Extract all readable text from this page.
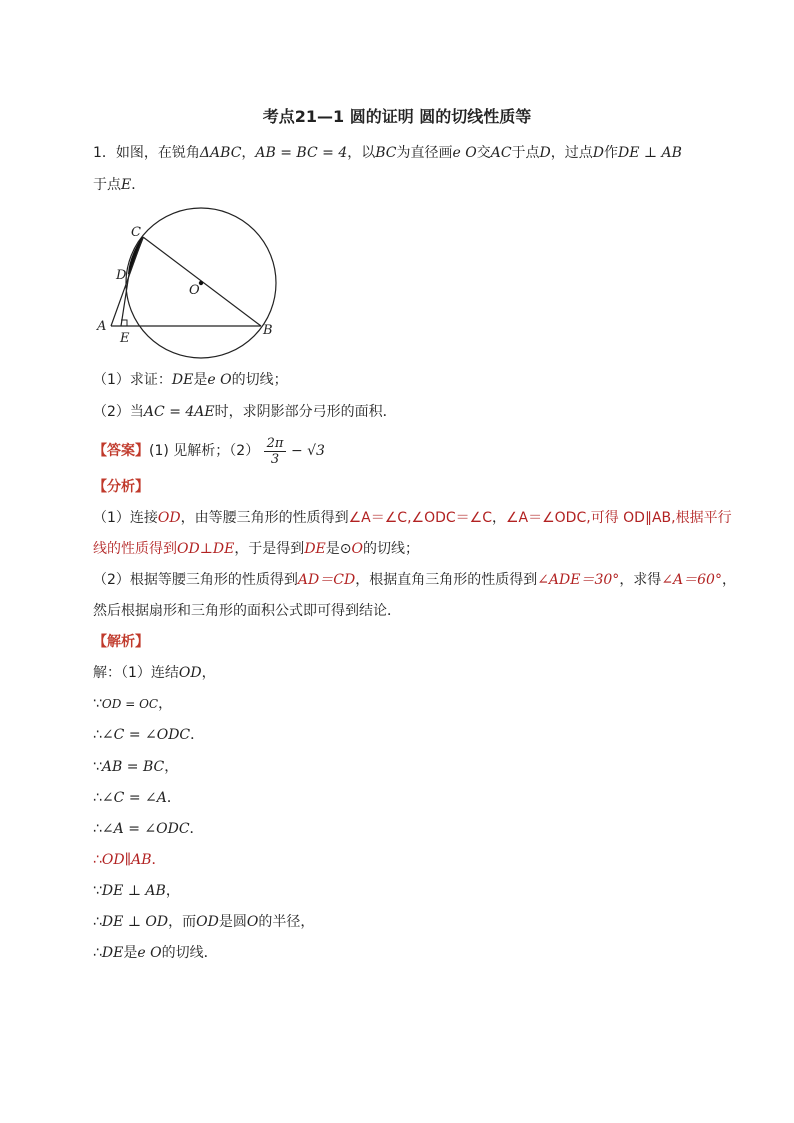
考点21—1 圆的证明 圆的切线性质等
1．如图，在锐角ΔABC，AB = BC = 4，以BC为直径画e O交AC于点D，过点D作DE ⊥ AB
于点E．
C
D
O
A
E
B
（1）求证：DE是e O的切线；
（2）当AC = 4AE时，求阴影部分弓形的面积．
【答案】(1) 见解析；$(2) \frac{2\pi}{3} - √3$
【分析】
（1）连接OD，由等腰三角形的性质得到∠A＝∠C,∠ODC＝∠C，∠A＝∠ODC,可得 OD∥AB,根据平行
线的性质得到OD⊥DE，于是得到DE是⊙O的切线；
（2）根据等腰三角形的性质得到AD＝CD，根据直角三角形的性质得到∠ADE＝30°，求得∠A＝60°，
然后根据扇形和三角形的面积公式即可得到结论．
【解析】
解：（1）连结OD，
∵OD = OC，
∴∠C = ∠ODC．
∵AB = BC，
∴∠C = ∠A．
∴∠A = ∠ODC．
∴OD∥AB．
∵DE ⊥ AB，
∴DE ⊥ OD，而OD是圆O的半径，
∴DE是e O的切线．
